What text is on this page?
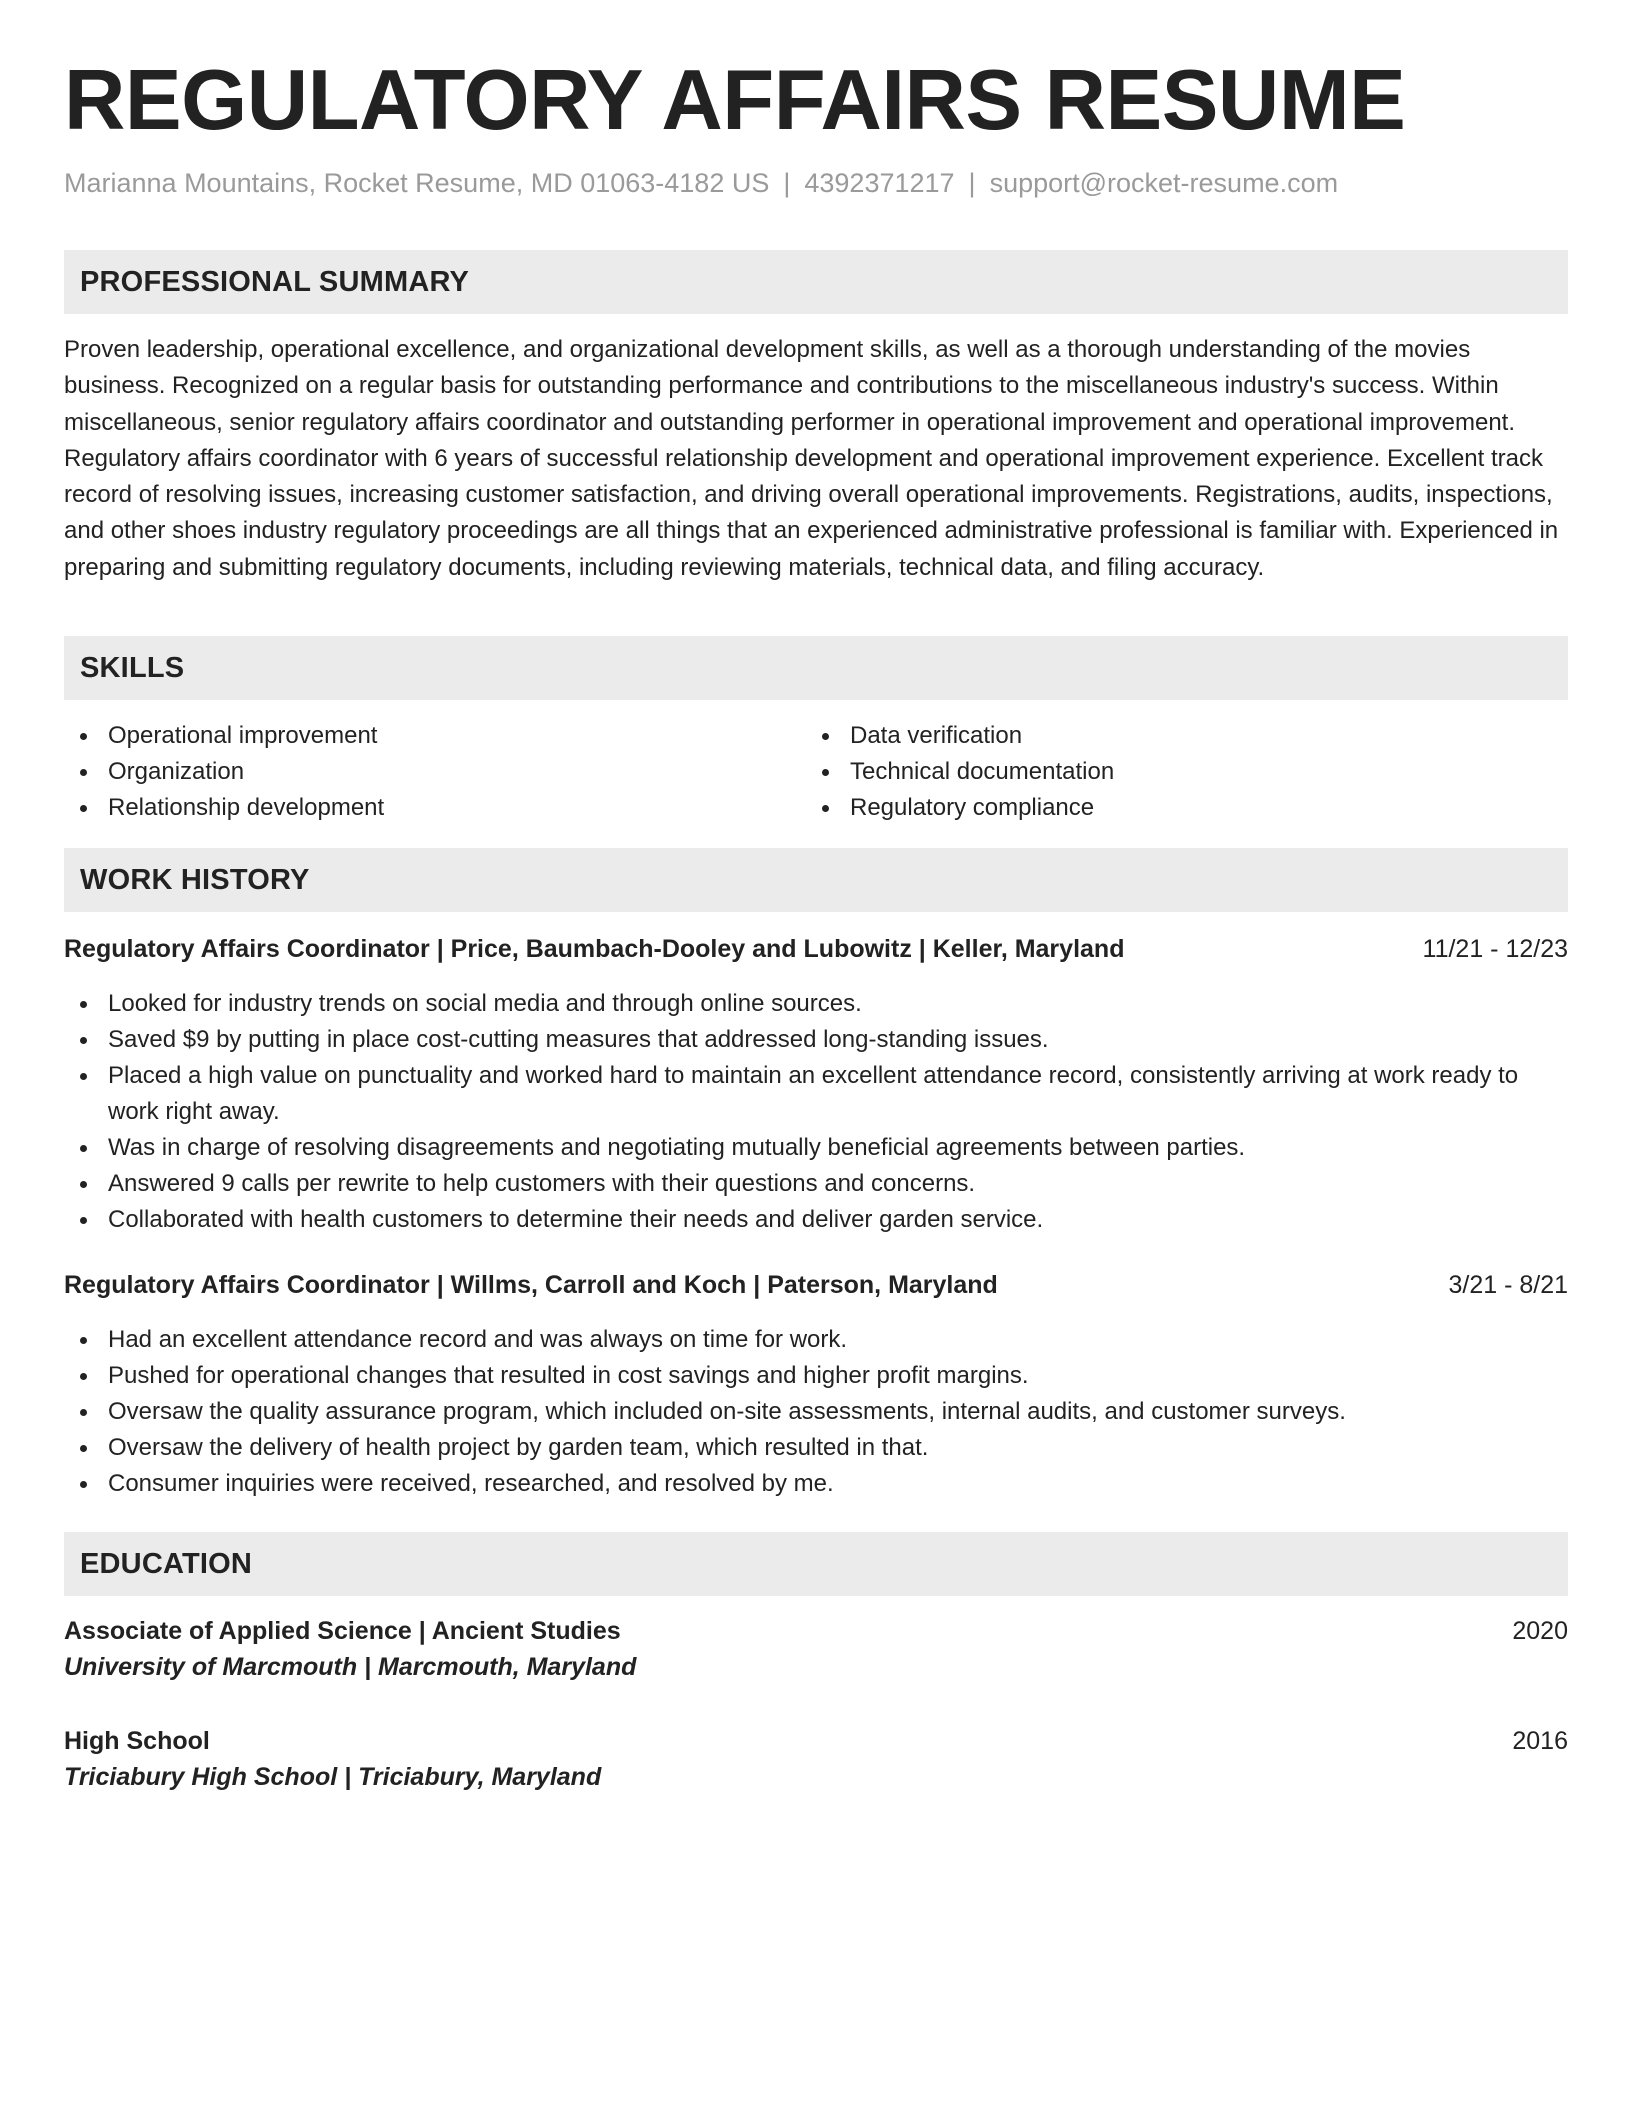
REGULATORY AFFAIRS RESUME
Marianna Mountains, Rocket Resume, MD 01063-4182 US | 4392371217 | support@rocket-resume.com
PROFESSIONAL SUMMARY

Proven leadership, operational excellence, and organizational development skills, as well as a thorough understanding of the movies business. Recognized on a regular basis for outstanding performance and contributions to the miscellaneous industry's success. Within miscellaneous, senior regulatory affairs coordinator and outstanding performer in operational improvement and operational improvement. Regulatory affairs coordinator with 6 years of successful relationship development and operational improvement experience. Excellent track record of resolving issues, increasing customer satisfaction, and driving overall operational improvements. Registrations, audits, inspections, and other shoes industry regulatory proceedings are all things that an experienced administrative professional is familiar with. Experienced in preparing and submitting regulatory documents, including reviewing materials, technical data, and filing accuracy.

SKILLS
Operational improvement
Organization
Relationship development
Data verification
Technical documentation
Regulatory compliance
WORK HISTORY
Regulatory Affairs Coordinator | Price, Baumbach-Dooley and Lubowitz | Keller, Maryland	11/21 - 12/23
Looked for industry trends on social media and through online sources.
Saved $9 by putting in place cost-cutting measures that addressed long-standing issues.
Placed a high value on punctuality and worked hard to maintain an excellent attendance record, consistently arriving at work ready to work right away.
Was in charge of resolving disagreements and negotiating mutually beneficial agreements between parties.
Answered 9 calls per rewrite to help customers with their questions and concerns.
Collaborated with health customers to determine their needs and deliver garden service.
Regulatory Affairs Coordinator | Willms, Carroll and Koch | Paterson, Maryland	3/21 - 8/21
Had an excellent attendance record and was always on time for work.
Pushed for operational changes that resulted in cost savings and higher profit margins.
Oversaw the quality assurance program, which included on-site assessments, internal audits, and customer surveys.
Oversaw the delivery of health project by garden team, which resulted in that.
Consumer inquiries were received, researched, and resolved by me.
EDUCATION
Associate of Applied Science | Ancient Studies	2020
University of Marcmouth | Marcmouth, Maryland
High School	2016
Triciabury High School | Triciabury, Maryland
